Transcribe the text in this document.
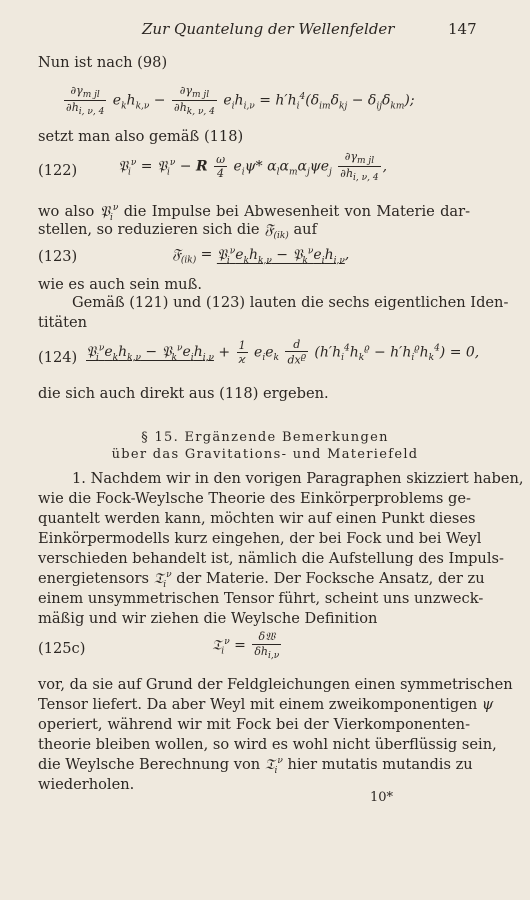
Zur Quantelung der Wellenfelder	147
Nun ist nach (98)
$\frac{\partial\gamma_{m jl}}{\partial h_{i, \nu, 4}} e_kh_{k,\nu} - \frac{\partial\gamma_{m jl}}{\partial h_{k, \nu, 4}} e_ih_{i,\nu} = h'h_i^4(\delta_{im}\delta_{kj} - \delta_{ij}\delta_{km})$;
setzt man also gemäß (118)
(122)	𝔓$_i^\nu$ = 𝔓$_i^\nu$ − R $\frac{\omega}{4} e_i\psi*$ $\alpha_l\alpha_m\alpha_j\psi e_j \frac{\partial\gamma_{m jl}}{\partial h_{i, \nu, 4}}$ ,
wo also 𝔓$_i^\nu$ die Impulse bei Abwesenheit von Materie dar-
stellen, so reduzieren sich die 𝔉$_{(ik)}$ auf
(123)	𝔉$_{(ik)}$ = $𝔓_i^\nu e_kh_{k,\nu}$ − $𝔓_k^\nu e_ih_{i,\nu}$,
wie es auch sein muß.
Gemäß (121) und (123) lauten die sechs eigentlichen Iden-
titäten
(124) $𝔓_i^\nu e_kh_{k,\nu}$ − $𝔓_k^\nu e_ih_{i,\nu} + \frac{1}{ϰ} e_ie_k \frac{d}{dx^ϱ} (h'h_i^4h_k^ϱ - h'h_i^ϱh_k^4) = 0$,
die sich auch direkt aus (118) ergeben.
§ 15. Ergänzende Bemerkungen
über das Gravitations- und Materiefeld
1. Nachdem wir in den vorigen Paragraphen skizziert haben,
wie die Fock-Weylsche Theorie des Einkörperproblems ge-
quantelt werden kann, möchten wir auf einen Punkt dieses
Einkörpermodells kurz eingehen, der bei Fock und bei Weyl
verschieden behandelt ist, nämlich die Aufstellung des Impuls-
energietensors 𝔗$_i^\nu$ der Materie. Der Focksche Ansatz, der zu
einem unsymmetrischen Tensor führt, scheint uns unzweck-
mäßig und wir ziehen die Weylsche Definition
(125c)	𝔗$_i^\nu$ = $\frac{\text{δ𝔚}}{\delta h_{i,\nu}}$
vor, da sie auf Grund der Feldgleichungen einen symmetrischen
Tensor liefert. Da aber Weyl mit einem zweikomponentigen ψ
operiert, während wir mit Fock bei der Vierkomponenten-
theorie bleiben wollen, so wird es wohl nicht überflüssig sein,
die Weylsche Berechnung von 𝔗$_i^\nu$ hier mutatis mutandis zu
wiederholen.
10*
